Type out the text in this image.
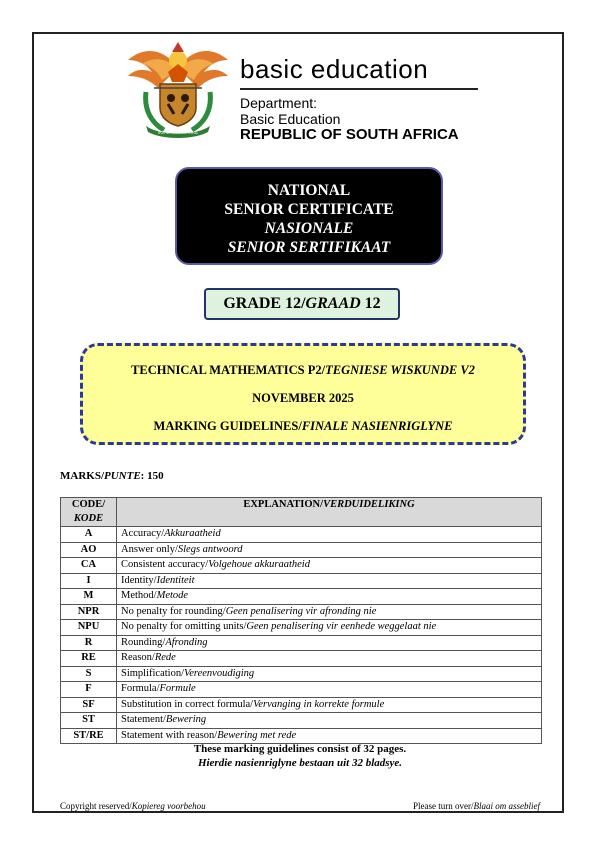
!KE E: /XARRA //KE
basic education
Department:
Basic Education
REPUBLIC OF SOUTH AFRICA
NATIONAL
SENIOR CERTIFICATE
NASIONALE
SENIOR SERTIFIKAAT
GRADE 12/GRAAD 12
TECHNICAL MATHEMATICS P2/TEGNIESE WISKUNDE V2
NOVEMBER 2025
MARKING GUIDELINES/FINALE NASIENRIGLYNE
MARKS/PUNTE: 150
CODE/
KODE	EXPLANATION/VERDUIDELIKING
A	Accuracy/Akkuraatheid
AO	Answer only/Slegs antwoord
CA	Consistent accuracy/Volgehoue akkuraatheid
I	Identity/Identiteit
M	Method/Metode
NPR	No penalty for rounding/Geen penalisering vir afronding nie
NPU	No penalty for omitting units/Geen penalisering vir eenhede weggelaat nie
R	Rounding/Afronding
RE	Reason/Rede
S	Simplification/Vereenvoudiging
F	Formula/Formule
SF	Substitution in correct formula/Vervanging in korrekte formule
ST	Statement/Bewering
ST/RE	Statement with reason/Bewering met rede
These marking guidelines consist of 32 pages.
Hierdie nasienriglyne bestaan uit 32 bladsye.
Copyright reserved/Kopiereg voorbehou	Please turn over/Blaai om asseblief
